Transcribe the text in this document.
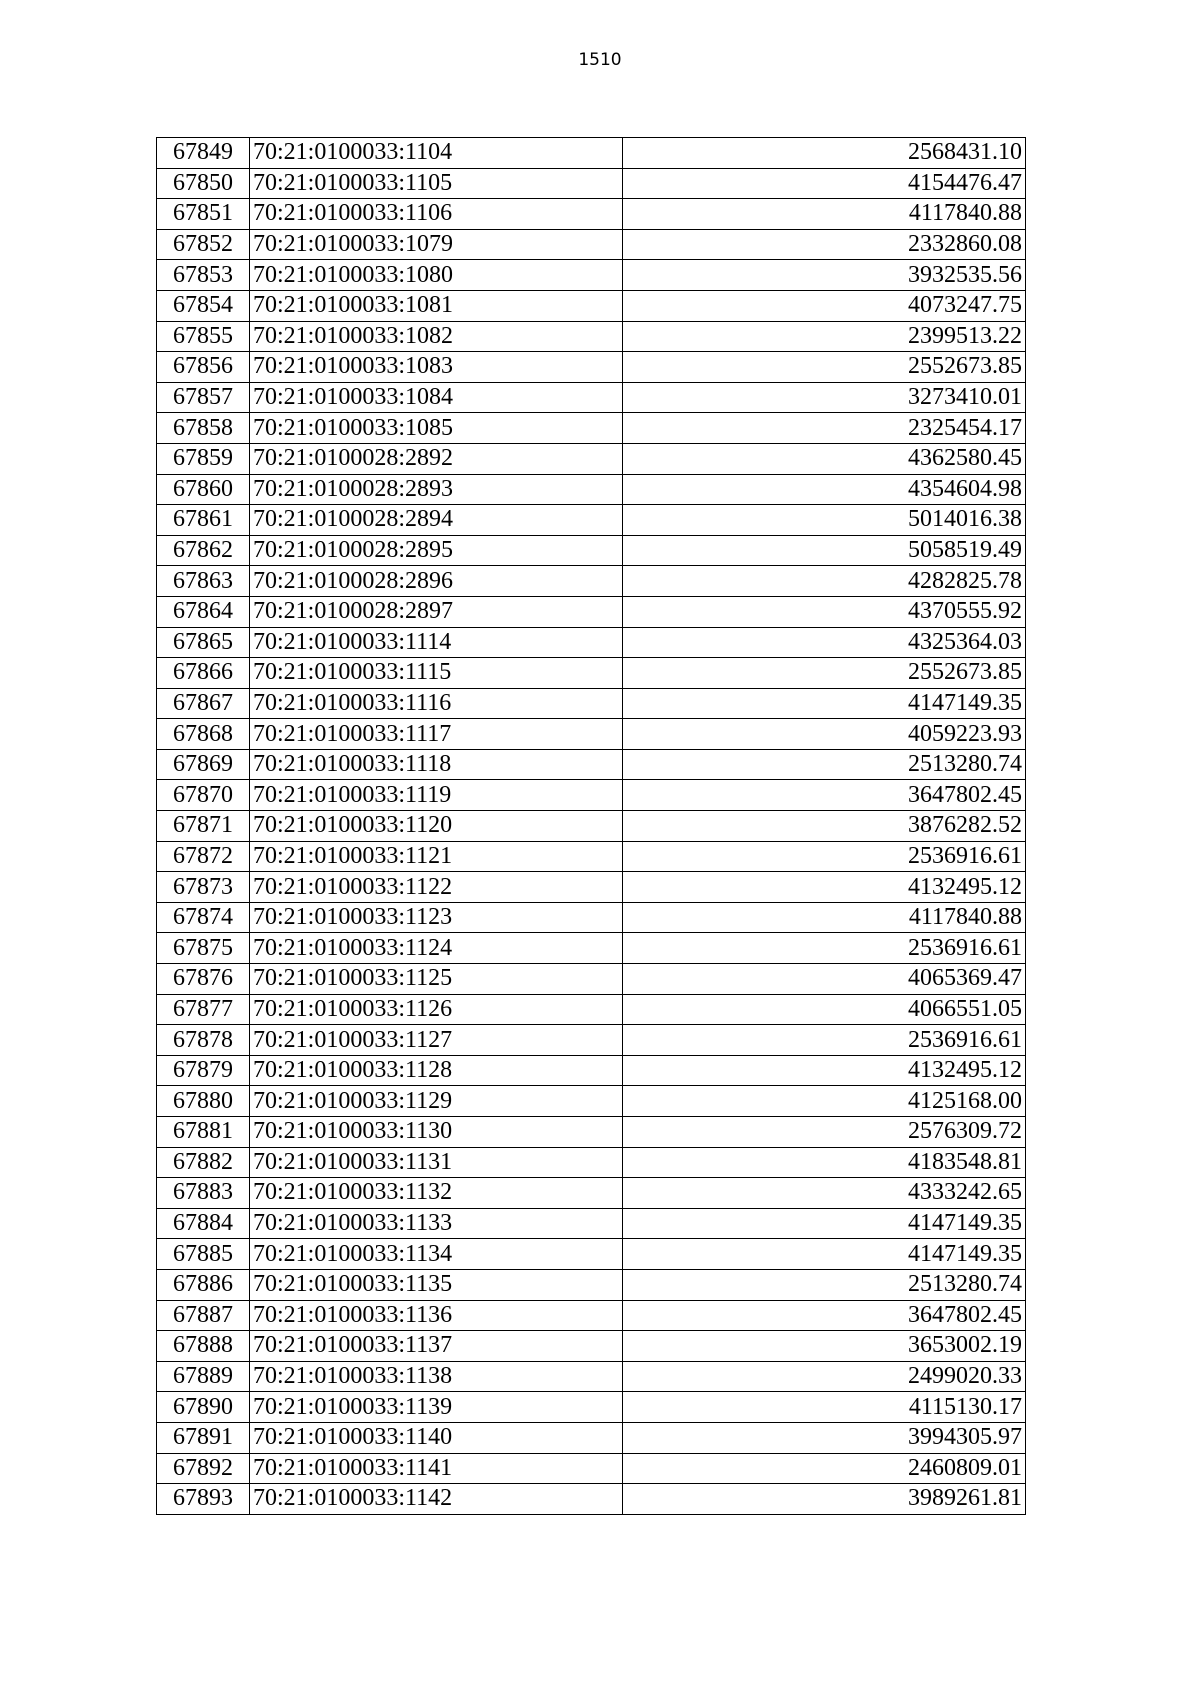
1510
67849	70:21:0100033:1104	2568431.10
67850	70:21:0100033:1105	4154476.47
67851	70:21:0100033:1106	4117840.88
67852	70:21:0100033:1079	2332860.08
67853	70:21:0100033:1080	3932535.56
67854	70:21:0100033:1081	4073247.75
67855	70:21:0100033:1082	2399513.22
67856	70:21:0100033:1083	2552673.85
67857	70:21:0100033:1084	3273410.01
67858	70:21:0100033:1085	2325454.17
67859	70:21:0100028:2892	4362580.45
67860	70:21:0100028:2893	4354604.98
67861	70:21:0100028:2894	5014016.38
67862	70:21:0100028:2895	5058519.49
67863	70:21:0100028:2896	4282825.78
67864	70:21:0100028:2897	4370555.92
67865	70:21:0100033:1114	4325364.03
67866	70:21:0100033:1115	2552673.85
67867	70:21:0100033:1116	4147149.35
67868	70:21:0100033:1117	4059223.93
67869	70:21:0100033:1118	2513280.74
67870	70:21:0100033:1119	3647802.45
67871	70:21:0100033:1120	3876282.52
67872	70:21:0100033:1121	2536916.61
67873	70:21:0100033:1122	4132495.12
67874	70:21:0100033:1123	4117840.88
67875	70:21:0100033:1124	2536916.61
67876	70:21:0100033:1125	4065369.47
67877	70:21:0100033:1126	4066551.05
67878	70:21:0100033:1127	2536916.61
67879	70:21:0100033:1128	4132495.12
67880	70:21:0100033:1129	4125168.00
67881	70:21:0100033:1130	2576309.72
67882	70:21:0100033:1131	4183548.81
67883	70:21:0100033:1132	4333242.65
67884	70:21:0100033:1133	4147149.35
67885	70:21:0100033:1134	4147149.35
67886	70:21:0100033:1135	2513280.74
67887	70:21:0100033:1136	3647802.45
67888	70:21:0100033:1137	3653002.19
67889	70:21:0100033:1138	2499020.33
67890	70:21:0100033:1139	4115130.17
67891	70:21:0100033:1140	3994305.97
67892	70:21:0100033:1141	2460809.01
67893	70:21:0100033:1142	3989261.81
